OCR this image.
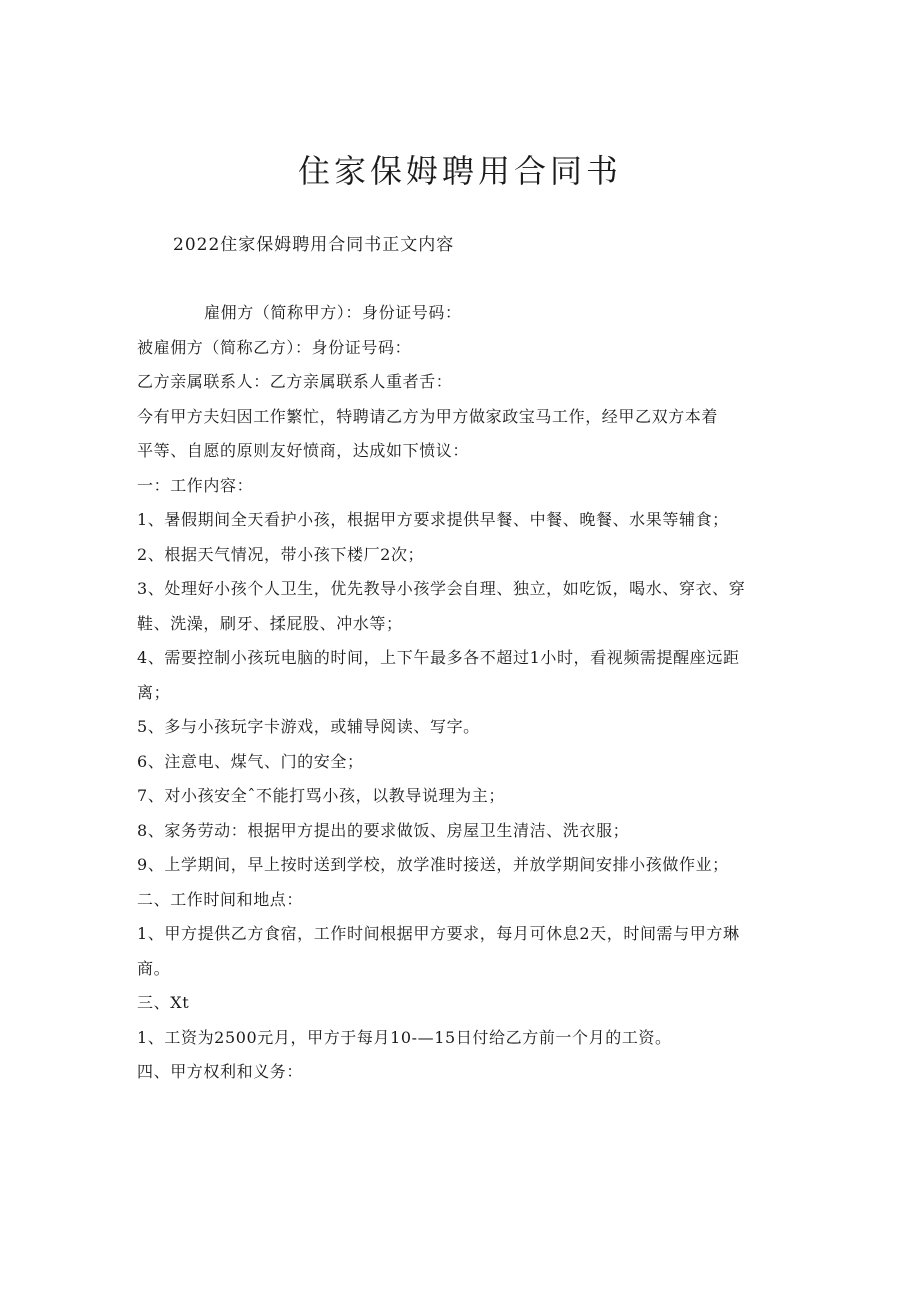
住家保姆聘用合同书

2022住家保姆聘用合同书正文内容

雇佣方（简称甲方）：身份证号码：

被雇佣方（简称乙方）：身份证号码：

乙方亲属联系人：乙方亲属联系人重者舌：

今有甲方夫妇因工作繁忙，特聘请乙方为甲方做家政宝马工作，经甲乙双方本着

平等、自愿的原则友好愤商，达成如下愤议：

一：工作内容：

1、暑假期间全天看护小孩，根据甲方要求提供早餐、中餐、晚餐、水果等辅食；

2、根据天气情况，带小孩下楼厂2次；

3、处理好小孩个人卫生，优先教导小孩学会自理、独立，如吃饭，喝水、穿衣、穿

鞋、洗澡，刷牙、揉屁股、冲水等；

4、需要控制小孩玩电脑的时间，上下午最多各不超过1小时，看视频需提醒座远距

离；

5、多与小孩玩字卡游戏，或辅导阅读、写字。

6、注意电、煤气、门的安全；

7、对小孩安全ˆ不能打骂小孩，以教导说理为主；

8、家务劳动：根据甲方提出的要求做饭、房屋卫生清洁、洗衣服；

9、上学期间，早上按时送到学校，放学准时接送，并放学期间安排小孩做作业；

二、工作时间和地点：

1、甲方提供乙方食宿，工作时间根据甲方要求，每月可休息2天，时间需与甲方琳

商。

三、Xt

1、工资为2500元月，甲方于每月10-—15日付给乙方前一个月的工资。

四、甲方权利和义务：
